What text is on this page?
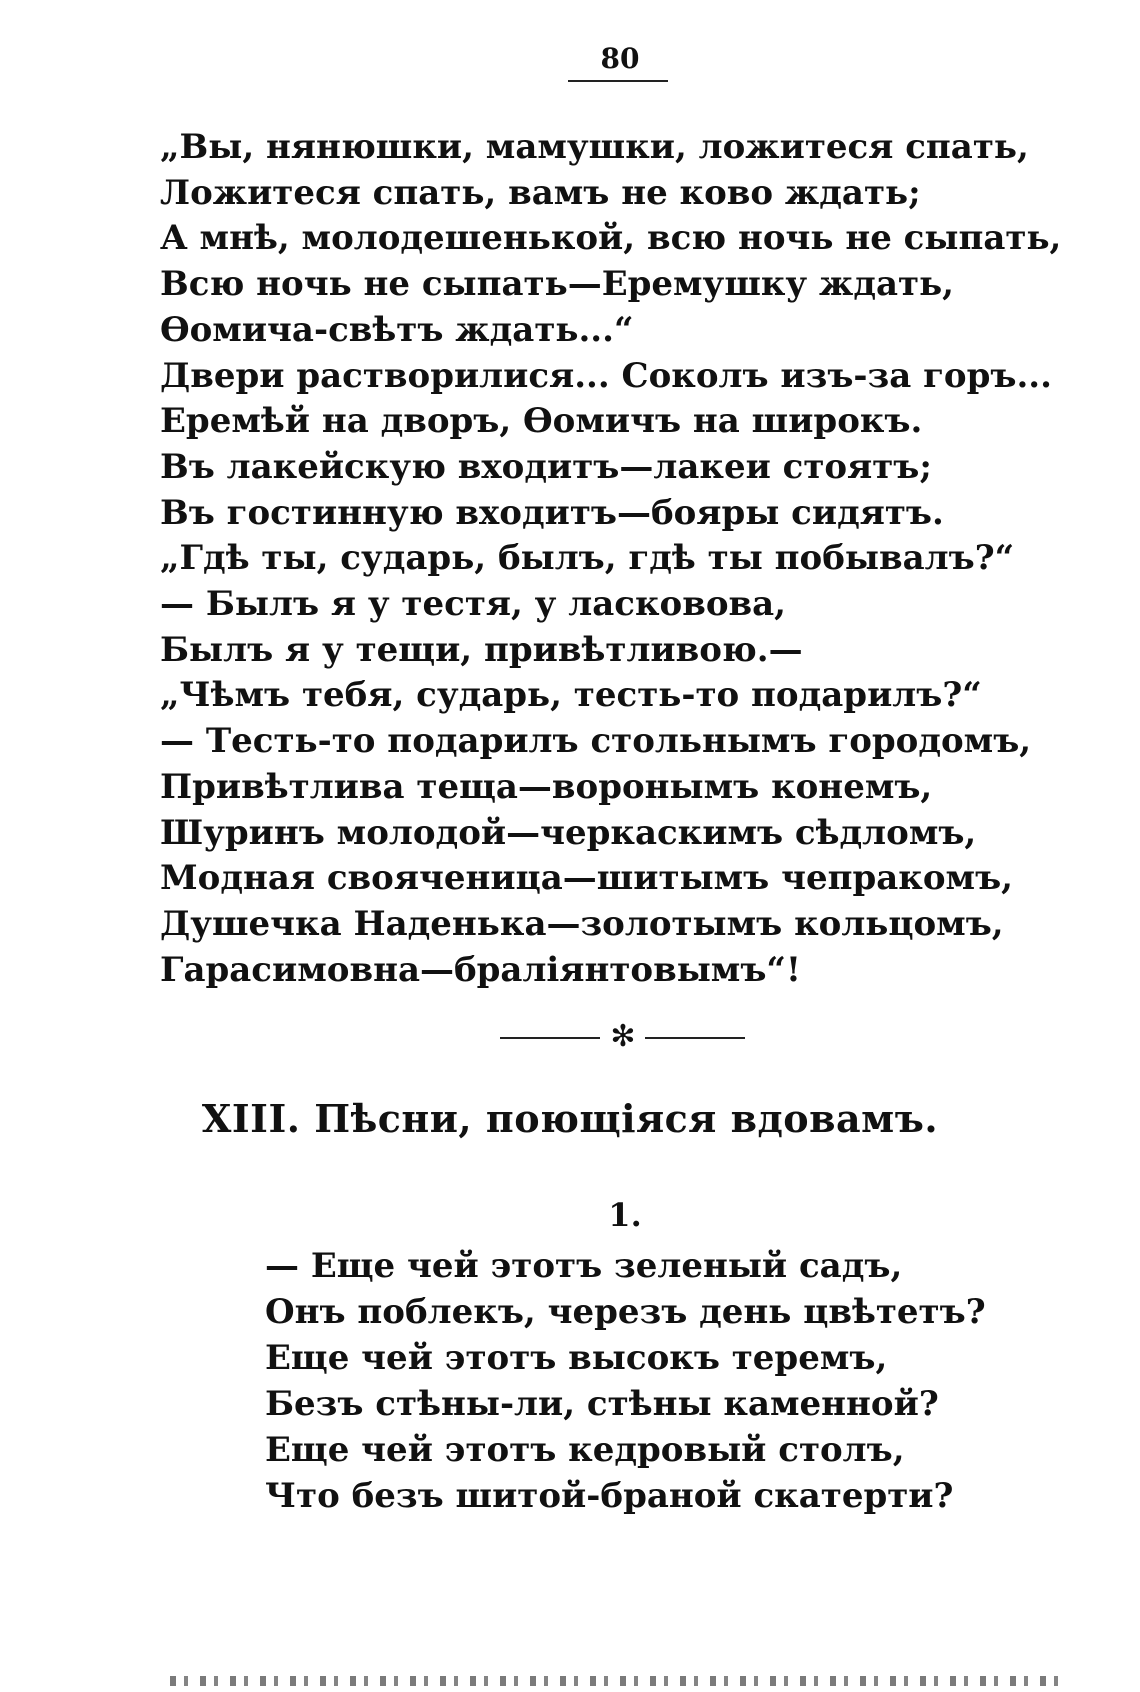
80
„Вы, нянюшки, мамушки, ложитеся спать,
Ложитеся спать, вамъ не ково ждать;
А мнѣ, молодешенькой, всю ночь не сыпать,
Всю ночь не сыпать—Еремушку ждать,
Ѳомича-свѣтъ ждать...“
Двери растворилися... Соколъ изъ-за горъ...
Еремѣй на дворъ, Ѳомичъ на широкъ.
Въ лакейскую входитъ—лакеи стоятъ;
Въ гостинную входитъ—бояры сидятъ.
„Гдѣ ты, сударь, былъ, гдѣ ты побывалъ?“
— Былъ я у тестя, у ласковова,
Былъ я у тещи, привѣтливою.—
„Чѣмъ тебя, сударь, тесть-то подарилъ?“
— Тесть-то подарилъ стольнымъ городомъ,
Привѣтлива теща—воронымъ конемъ,
Шуринъ молодой—черкаскимъ сѣдломъ,
Модная свояченица—шитымъ чепракомъ,
Душечка Наденька—золотымъ кольцомъ,
Гарасимовна—бралiянтовымъ“!
✻
XIII. Пѣсни, поющiяся вдовамъ.
1.
— Еще чей этотъ зеленый садъ,
Онъ поблекъ, черезъ день цвѣтетъ?
Еще чей этотъ высокъ теремъ,
Безъ стѣны-ли, стѣны каменной?
Еще чей этотъ кедровый столъ,
Что безъ шитой-браной скатерти?
